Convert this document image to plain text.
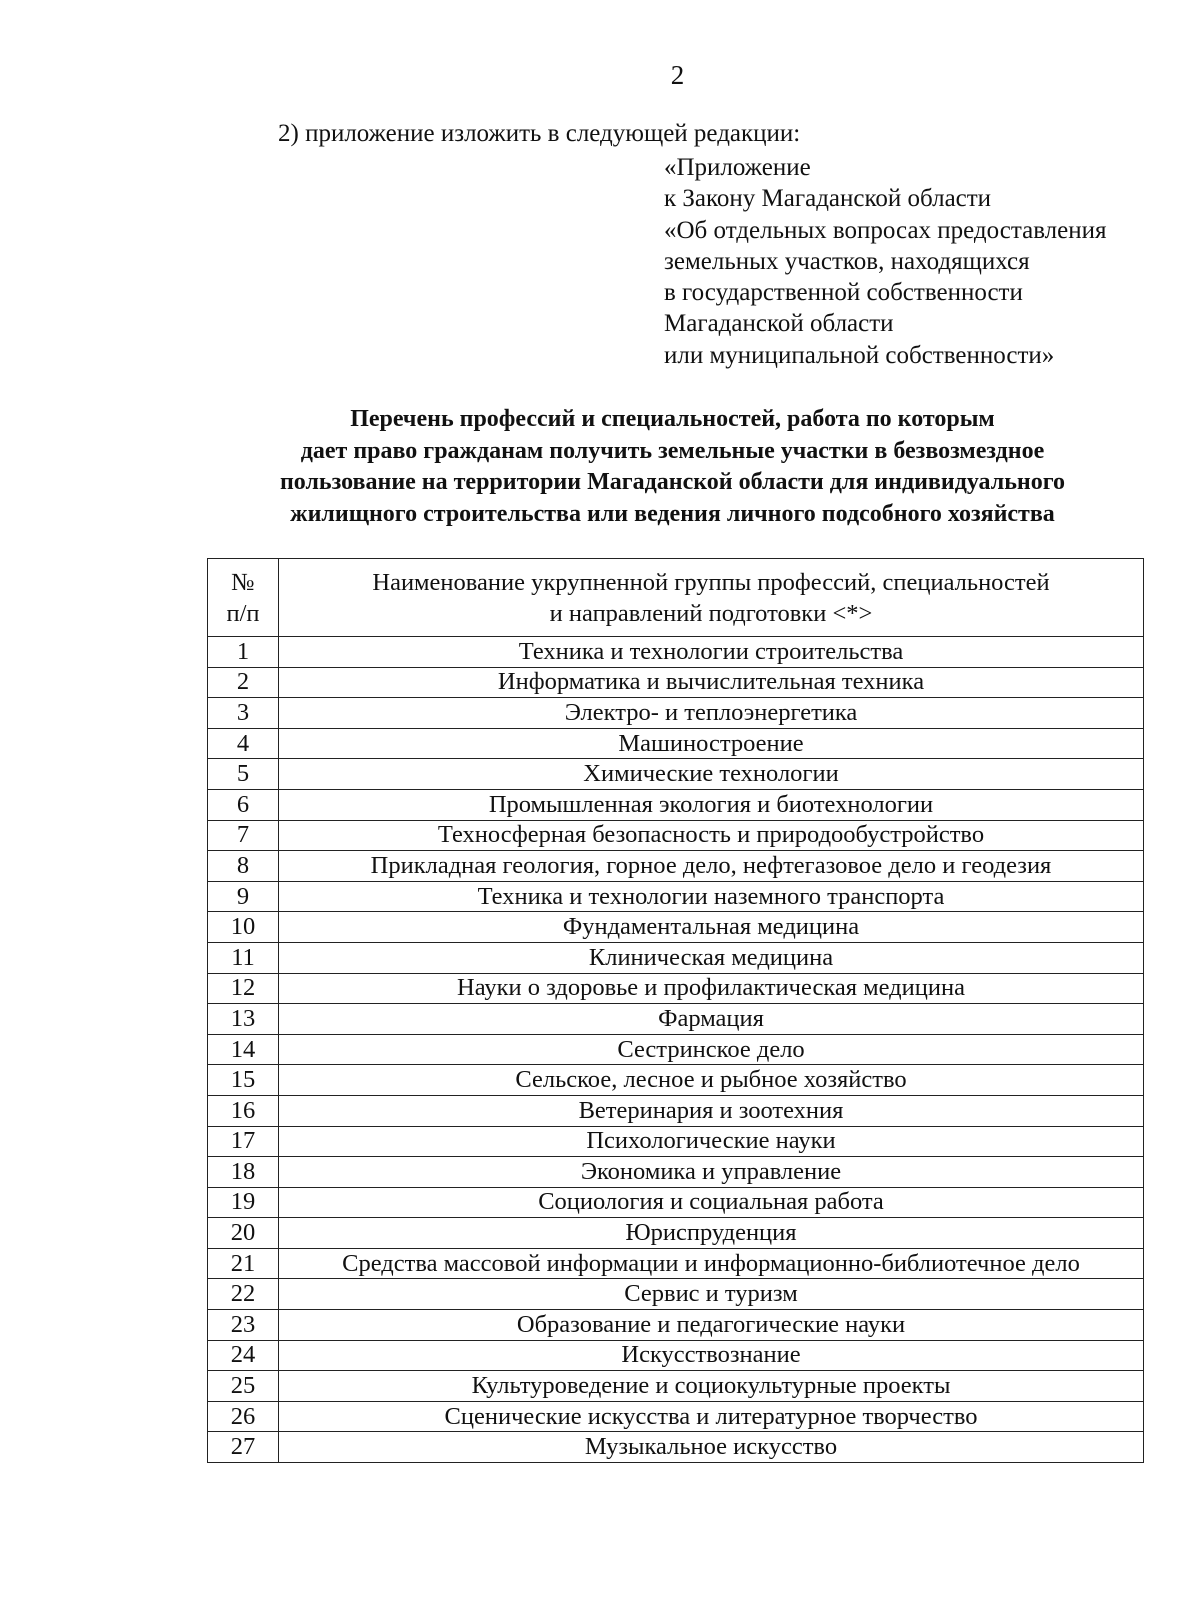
2
2) приложение изложить в следующей редакции:
«Приложение
к Закону Магаданской области
«Об отдельных вопросах предоставления
земельных участков, находящихся
в государственной собственности
Магаданской области
или муниципальной собственности»
Перечень профессий и специальностей, работа по которым
дает право гражданам получить земельные участки в безвозмездное
пользование на территории Магаданской области для индивидуального
жилищного строительства или ведения личного подсобного хозяйства
№
п/п	Наименование укрупненной группы профессий, специальностей
и направлений подготовки <*>

1	Техника и технологии строительства
2	Информатика и вычислительная техника
3	Электро- и теплоэнергетика
4	Машиностроение
5	Химические технологии
6	Промышленная экология и биотехнологии
7	Техносферная безопасность и природообустройство
8	Прикладная геология, горное дело, нефтегазовое дело и геодезия
9	Техника и технологии наземного транспорта
10	Фундаментальная медицина
11	Клиническая медицина
12	Науки о здоровье и профилактическая медицина
13	Фармация
14	Сестринское дело
15	Сельское, лесное и рыбное хозяйство
16	Ветеринария и зоотехния
17	Психологические науки
18	Экономика и управление
19	Социология и социальная работа
20	Юриспруденция
21	Средства массовой информации и информационно-библиотечное дело
22	Сервис и туризм
23	Образование и педагогические науки
24	Искусствознание
25	Культуроведение и социокультурные проекты
26	Сценические искусства и литературное творчество
27	Музыкальное искусство
